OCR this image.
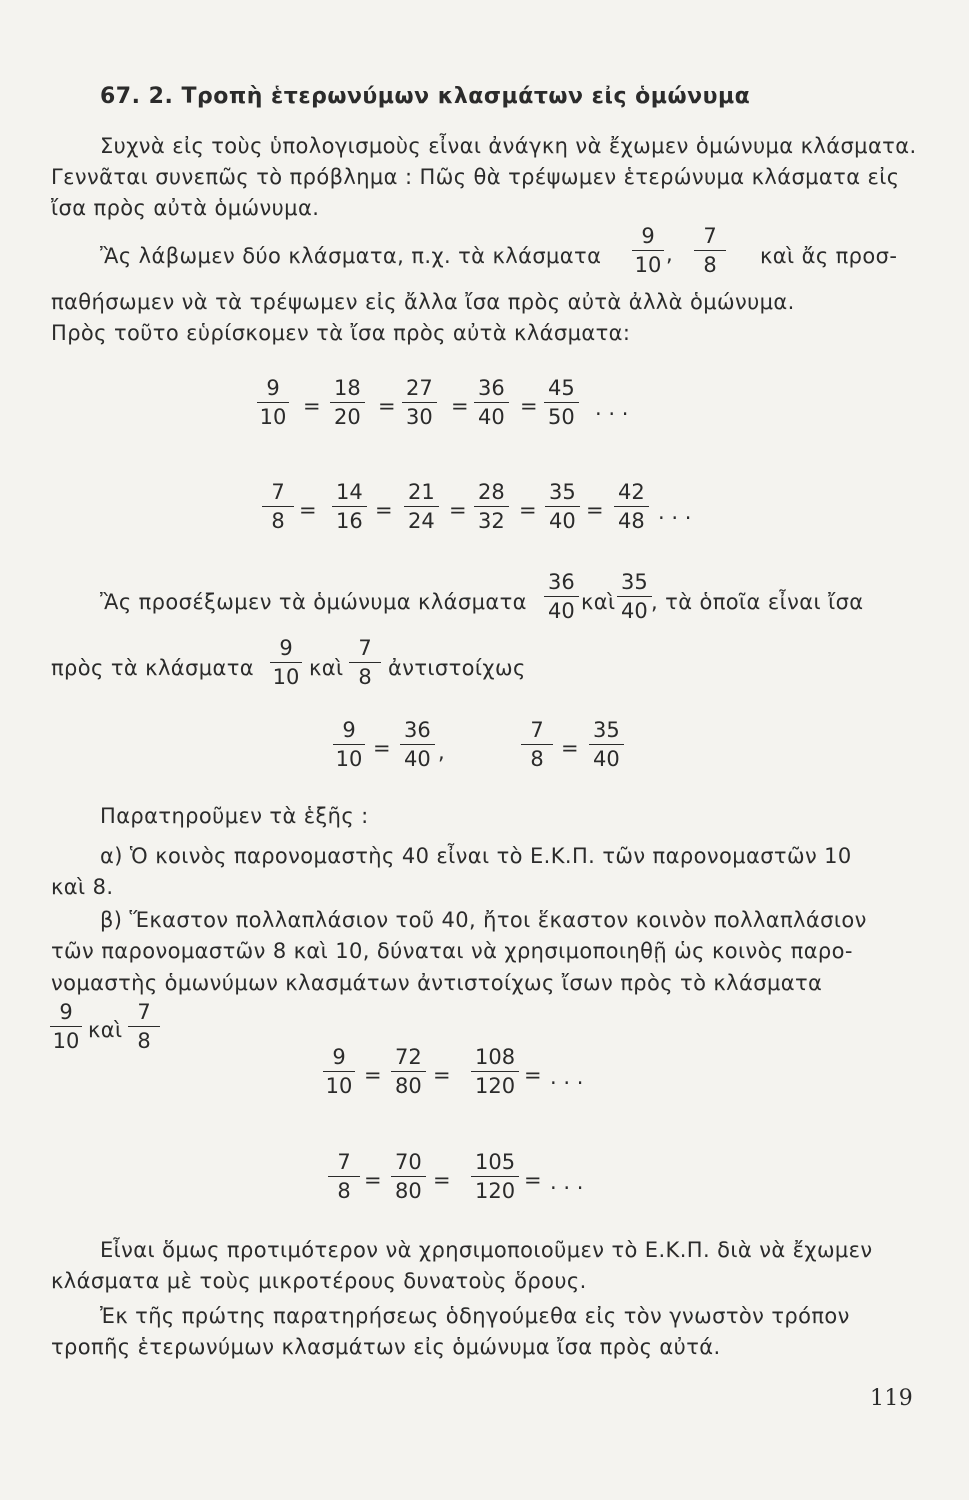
67. 2. Τροπὴ ἑτερωνύμων κλασμάτων εἰς ὁμώνυμα
Συχνὰ εἰς τοὺς ὑπολογισμοὺς εἶναι ἀνάγκη νὰ ἔχωμεν ὁμώνυμα κλάσματα.
Γεννᾶται συνεπῶς τὸ πρόβλημα : Πῶς θὰ τρέψωμεν ἑτερώνυμα κλάσματα εἰς
ἴσα πρὸς αὐτὰ ὁμώνυμα.
Ἂς λάβωμεν δύο κλάσματα, π.χ. τὰ κλάσματα $\frac{9}{10}$ , $\frac{7}{8}$ καὶ ἄς προσ-
παθήσωμεν νὰ τὰ τρέψωμεν εἰς ἄλλα ἴσα πρὸς αὐτὰ ἀλλὰ ὁμώνυμα.
Πρὸς τοῦτο εὑρίσκομεν τὰ ἴσα πρὸς αὐτὰ κλάσματα:
$\frac{9}{10} = \frac{18}{20} = \frac{27}{30} = \frac{36}{40} = \frac{45}{50}$ . . .
$\frac{7}{8} = \frac{14}{16} = \frac{21}{24} = \frac{28}{32} = \frac{35}{40} = \frac{42}{48}$ . . .
Ἂς προσέξωμεν τὰ ὁμώνυμα κλάσματα $\frac{36}{40}$ καὶ $\frac{35}{40}$ , τὰ ὁποῖα εἶναι ἴσα
πρὸς τὰ κλάσματα $\frac{9}{10}$ καὶ $\frac{7}{8}$ ἀντιστοίχως
$\frac{9}{10} = \frac{36}{40}$ ,	$\frac{7}{8} = \frac{35}{40}$
Παρατηροῦμεν τὰ ἑξῆς :
α) Ὁ κοινὸς παρονομαστὴς 40 εἶναι τὸ Ε.Κ.Π. τῶν παρονομαστῶν 10
καὶ 8.
β) Ἕκαστον πολλαπλάσιον τοῦ 40, ἤτοι ἕκαστον κοινὸν πολλαπλάσιον
τῶν παρονομαστῶν 8 καὶ 10, δύναται νὰ χρησιμοποιηθῇ ὡς κοινὸς παρο-
νομαστὴς ὁμωνύμων κλασμάτων ἀντιστοίχως ἴσων πρὸς τὸ κλάσματα
$\frac{9}{10}$ καὶ $\frac{7}{8}$
$\frac{9}{10} = \frac{72}{80} = \frac{108}{120}$ = . . .
$\frac{7}{8} = \frac{70}{80} = \frac{105}{120}$ = . . .
Εἶναι ὅμως προτιμότερον νὰ χρησιμοποιοῦμεν τὸ Ε.Κ.Π. διὰ νὰ ἔχωμεν
κλάσματα μὲ τοὺς μικροτέρους δυνατοὺς ὅρους.
Ἐκ τῆς πρώτης παρατηρήσεως ὁδηγούμεθα εἰς τὸν γνωστὸν τρόπον
τροπῆς ἑτερωνύμων κλασμάτων εἰς ὁμώνυμα ἴσα πρὸς αὐτά.
119
